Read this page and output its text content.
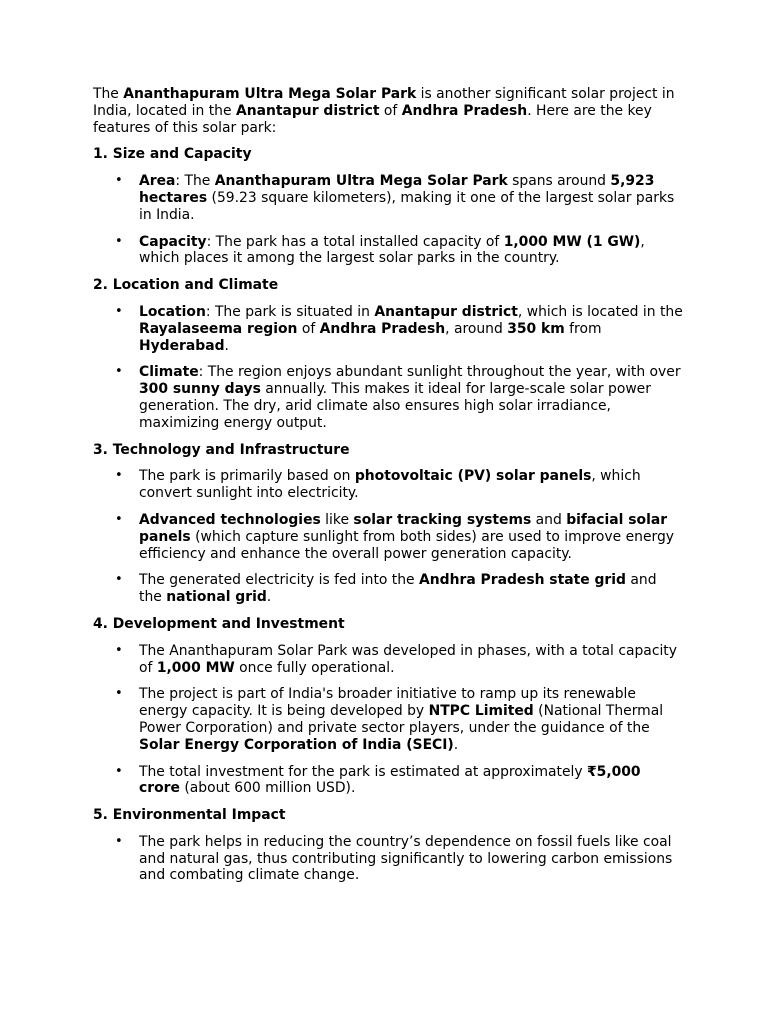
The Ananthapuram Ultra Mega Solar Park is another significant solar project in India, located in the Anantapur district of Andhra Pradesh. Here are the key features of this solar park:

1. Size and Capacity
• Area: The Ananthapuram Ultra Mega Solar Park spans around 5,923 hectares (59.23 square kilometers), making it one of the largest solar parks in India.
• Capacity: The park has a total installed capacity of 1,000 MW (1 GW), which places it among the largest solar parks in the country.
2. Location and Climate
• Location: The park is situated in Anantapur district, which is located in the Rayalaseema region of Andhra Pradesh, around 350 km from Hyderabad.
• Climate: The region enjoys abundant sunlight throughout the year, with over 300 sunny days annually. This makes it ideal for large-scale solar power generation. The dry, arid climate also ensures high solar irradiance, maximizing energy output.
3. Technology and Infrastructure
• The park is primarily based on photovoltaic (PV) solar panels, which convert sunlight into electricity.
• Advanced technologies like solar tracking systems and bifacial solar panels (which capture sunlight from both sides) are used to improve energy efficiency and enhance the overall power generation capacity.
• The generated electricity is fed into the Andhra Pradesh state grid and the national grid.
4. Development and Investment
• The Ananthapuram Solar Park was developed in phases, with a total capacity of 1,000 MW once fully operational.
• The project is part of India's broader initiative to ramp up its renewable energy capacity. It is being developed by NTPC Limited (National Thermal Power Corporation) and private sector players, under the guidance of the Solar Energy Corporation of India (SECI).
• The total investment for the park is estimated at approximately ₹5,000 crore (about 600 million USD).
5. Environmental Impact
• The park helps in reducing the country’s dependence on fossil fuels like coal and natural gas, thus contributing significantly to lowering carbon emissions and combating climate change.
